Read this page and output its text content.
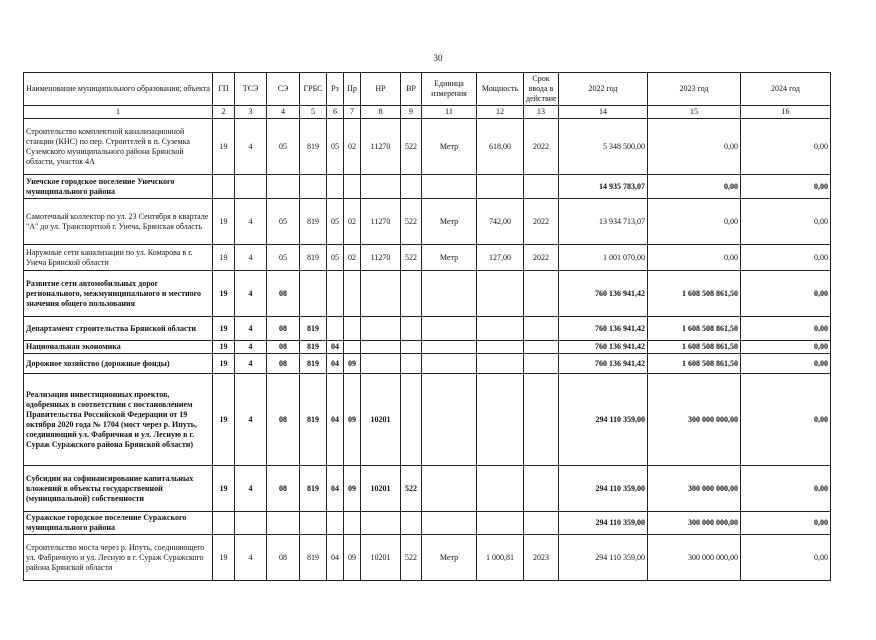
30
Наименование муниципального образования; объекта	ГП	ТСЭ	СЭ	ГРБС	Рз	Пр	НР	ВР	Единица измерения	Мощность	Срок ввода в действие	2022 год	2023 год	2024 год
1	2	3	4	5	6	7	8	9	11	12	13	14	15	16
Строительство комплектной канализационной станции (КНС) по пер. Строителей в п. Суземка Суземского муниципального района Брянской области, участок 4А	19	4	05	819	05	02	11270	522	Метр	618,00	2022	5 348 500,00	0,00	0,00
Унечское городское поселение Унечского муниципального района												14 935 783,07	0,00	0,00
Самотечный коллектор по ул. 23 Сентября в квартале "А" до ул. Транспортной г. Унеча, Брянская область	19	4	05	819	05	02	11270	522	Метр	742,00	2022	13 934 713,07	0,00	0,00
Наружные сети канализации по ул. Комарова в г. Унеча Брянской области	19	4	05	819	05	02	11270	522	Метр	127,00	2022	1 001 070,00	0,00	0,00
Развитие сети автомобильных дорог регионального, межмуниципального и местного значения общего пользования	19	4	08									760 136 941,42	1 608 508 861,50	0,00
Департамент строительства Брянской области	19	4	08	819								760 136 941,42	1 608 508 861,50	0,00
Национальная экономика	19	4	08	819	04							760 136 941,42	1 608 508 861,50	0,00
Дорожное хозяйство (дорожные фонды)	19	4	08	819	04	09						760 136 941,42	1 608 508 861,50	0,00
Реализация инвестиционных проектов, одобренных в соответствии с постановлением Правительства Российской Федерации от 19 октября 2020 года № 1704 (мост через р. Ипуть, соединяющий ул. Фабричная и ул. Лесную в г. Сураж Суражского района Брянской области)	19	4	08	819	04	09	10201					294 110 359,00	300 000 000,00	0,00
Субсидии на софинансирование капитальных вложений в объекты государственной (муниципальной) собственности	19	4	08	819	04	09	10201	522				294 110 359,00	300 000 000,00	0,00
Суражское городское поселение Суражского муниципального района												294 110 359,00	300 000 000,00	0,00
Строительство моста через р. Ипуть, соединяющего ул. Фабричную и ул. Лесную в г. Сураж Суражского района Брянской области	19	4	08	819	04	09	10201	522	Метр	1 000,81	2023	294 110 359,00	300 000 000,00	0,00
